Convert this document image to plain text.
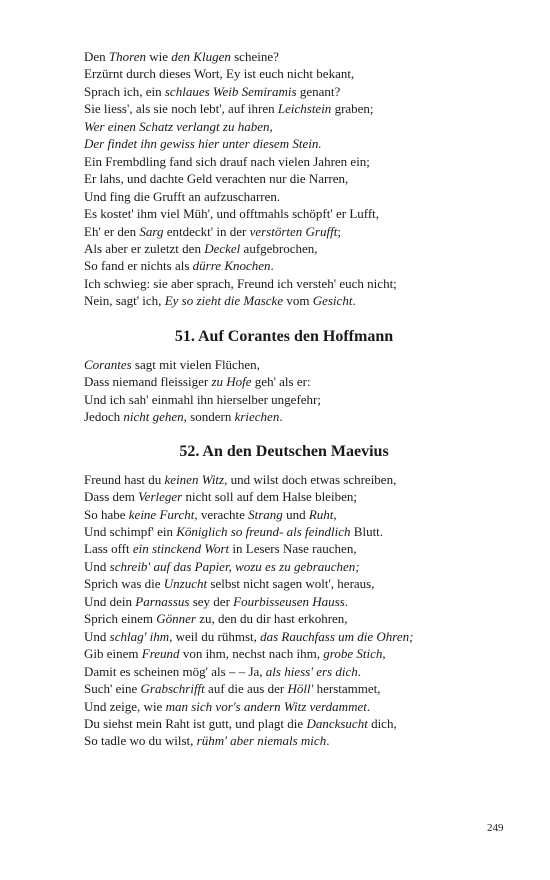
Den Thoren wie den Klugen scheine?
Erzürnt durch dieses Wort, Ey ist euch nicht bekant,
Sprach ich, ein schlaues Weib Semiramis genant?
Sie liess', als sie noch lebt', auf ihren Leichstein graben;
Wer einen Schatz verlangt zu haben,
Der findet ihn gewiss hier unter diesem Stein.
Ein Frembdling fand sich drauf nach vielen Jahren ein;
Er lahs, und dachte Geld verachten nur die Narren,
Und fing die Grufft an aufzuscharren.
Es kostet' ihm viel Müh', und offtmahls schöpft' er Lufft,
Eh' er den Sarg entdeckt' in der verstörten Grufft;
Als aber er zuletzt den Deckel aufgebrochen,
So fand er nichts als dürre Knochen.
Ich schwieg: sie aber sprach, Freund ich versteh' euch nicht;
Nein, sagt' ich, Ey so zieht die Mascke vom Gesicht.
51. Auf Corantes den Hoffmann
Corantes sagt mit vielen Flüchen,
Dass niemand fleissiger zu Hofe geh' als er:
Und ich sah' einmahl ihn hierselber ungefehr;
Jedoch nicht gehen, sondern kriechen.
52. An den Deutschen Maevius
Freund hast du keinen Witz, und wilst doch etwas schreiben,
Dass dem Verleger nicht soll auf dem Halse bleiben;
So habe keine Furcht, verachte Strang und Ruht,
Und schimpf' ein Königlich so freund- als feindlich Blutt.
Lass offt ein stinckend Wort in Lesers Nase rauchen,
Und schreib' auf das Papier, wozu es zu gebrauchen;
Sprich was die Unzucht selbst nicht sagen wolt', heraus,
Und dein Parnassus sey der Fourbisseusen Hauss.
Sprich einem Gönner zu, den du dir hast erkohren,
Und schlag' ihm, weil du rühmst, das Rauchfass um die Ohren;
Gib einem Freund von ihm, nechst nach ihm, grobe Stich,
Damit es scheinen mög' als – – Ja, als hiess' ers dich.
Such' eine Grabschrifft auf die aus der Höll' herstammet,
Und zeige, wie man sich vor's andern Witz verdammet.
Du siehst mein Raht ist gutt, und plagt die Dancksucht dich,
So tadle wo du wilst, rühm' aber niemals mich.
249
